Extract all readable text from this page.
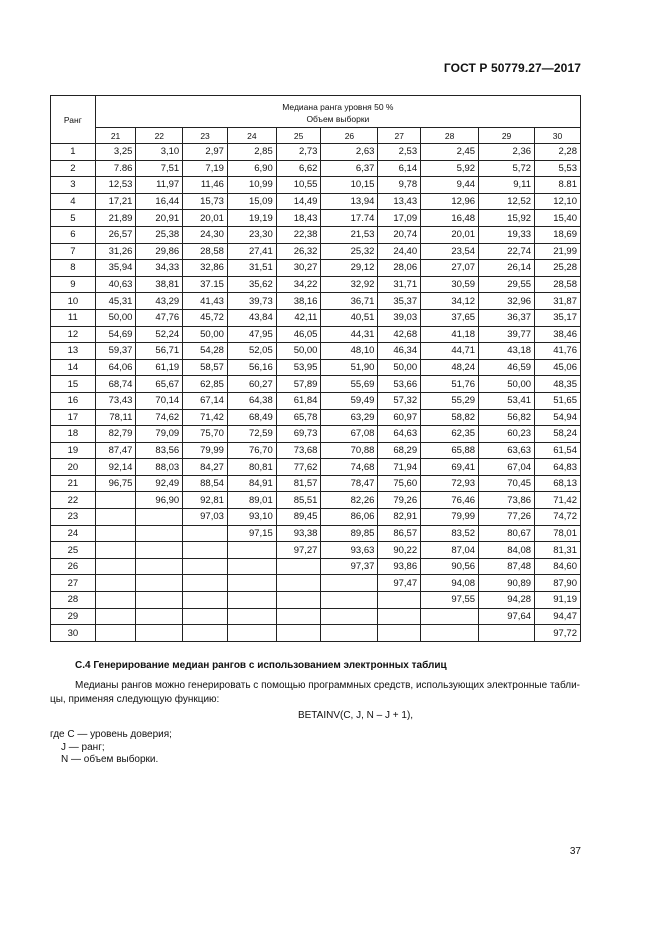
ГОСТ Р 50779.27—2017
Ранг	Медиана ранга уровня 50 %
Объем выборки									

	21	22	23	24	25	26	27	28	29	30
1	3,25	3,10	2,97	2,85	2,73	2,63	2,53	2,45	2,36	2,28
2	7.86	7,51	7,19	6,90	6,62	6,37	6,14	5,92	5,72	5,53
3	12,53	11,97	11,46	10,99	10,55	10,15	9,78	9,44	9,11	8.81
4	17,21	16,44	15,73	15,09	14,49	13,94	13,43	12,96	12,52	12,10
5	21,89	20,91	20,01	19,19	18,43	17.74	17,09	16,48	15,92	15,40
6	26,57	25,38	24,30	23,30	22,38	21,53	20,74	20,01	19,33	18,69
7	31,26	29,86	28,58	27,41	26,32	25,32	24,40	23,54	22,74	21,99
8	35,94	34,33	32,86	31,51	30,27	29,12	28,06	27,07	26,14	25,28
9	40,63	38,81	37.15	35,62	34,22	32,92	31,71	30,59	29,55	28,58
10	45,31	43,29	41,43	39,73	38,16	36,71	35,37	34,12	32,96	31,87
11	50,00	47,76	45,72	43,84	42,11	40,51	39,03	37,65	36,37	35,17
12	54,69	52,24	50,00	47,95	46,05	44,31	42,68	41,18	39,77	38,46
13	59,37	56,71	54,28	52,05	50,00	48,10	46,34	44,71	43,18	41,76
14	64,06	61,19	58,57	56,16	53,95	51,90	50,00	48,24	46,59	45,06
15	68,74	65,67	62,85	60,27	57,89	55,69	53,66	51,76	50,00	48,35
16	73,43	70,14	67,14	64,38	61,84	59,49	57,32	55,29	53,41	51,65
17	78,11	74,62	71,42	68,49	65,78	63,29	60,97	58,82	56,82	54,94
18	82,79	79,09	75,70	72,59	69,73	67,08	64,63	62,35	60,23	58,24
19	87,47	83,56	79,99	76,70	73,68	70,88	68,29	65,88	63,63	61,54
20	92,14	88,03	84,27	80,81	77,62	74,68	71,94	69,41	67,04	64,83
21	96,75	92,49	88,54	84,91	81,57	78,47	75,60	72,93	70,45	68,13
22		96,90	92,81	89,01	85,51	82,26	79,26	76,46	73,86	71,42
23			97,03	93,10	89,45	86,06	82,91	79,99	77,26	74,72
24				97,15	93,38	89,85	86,57	83,52	80,67	78,01
25					97,27	93,63	90,22	87,04	84,08	81,31
26						97,37	93,86	90,56	87,48	84,60
27							97,47	94,08	90,89	87,90
28								97,55	94,28	91,19
29									97,64	94,47
30										97,72
С.4 Генерирование медиан рангов с использованием электронных таблиц
Медианы рангов можно генерировать с помощью программных средств, использующих электронные табли-цы, применяя следующую функцию:
BETAINV(C, J, N – J + 1),
где С — уровень доверия;
J — ранг;
N — объем выборки.
37
